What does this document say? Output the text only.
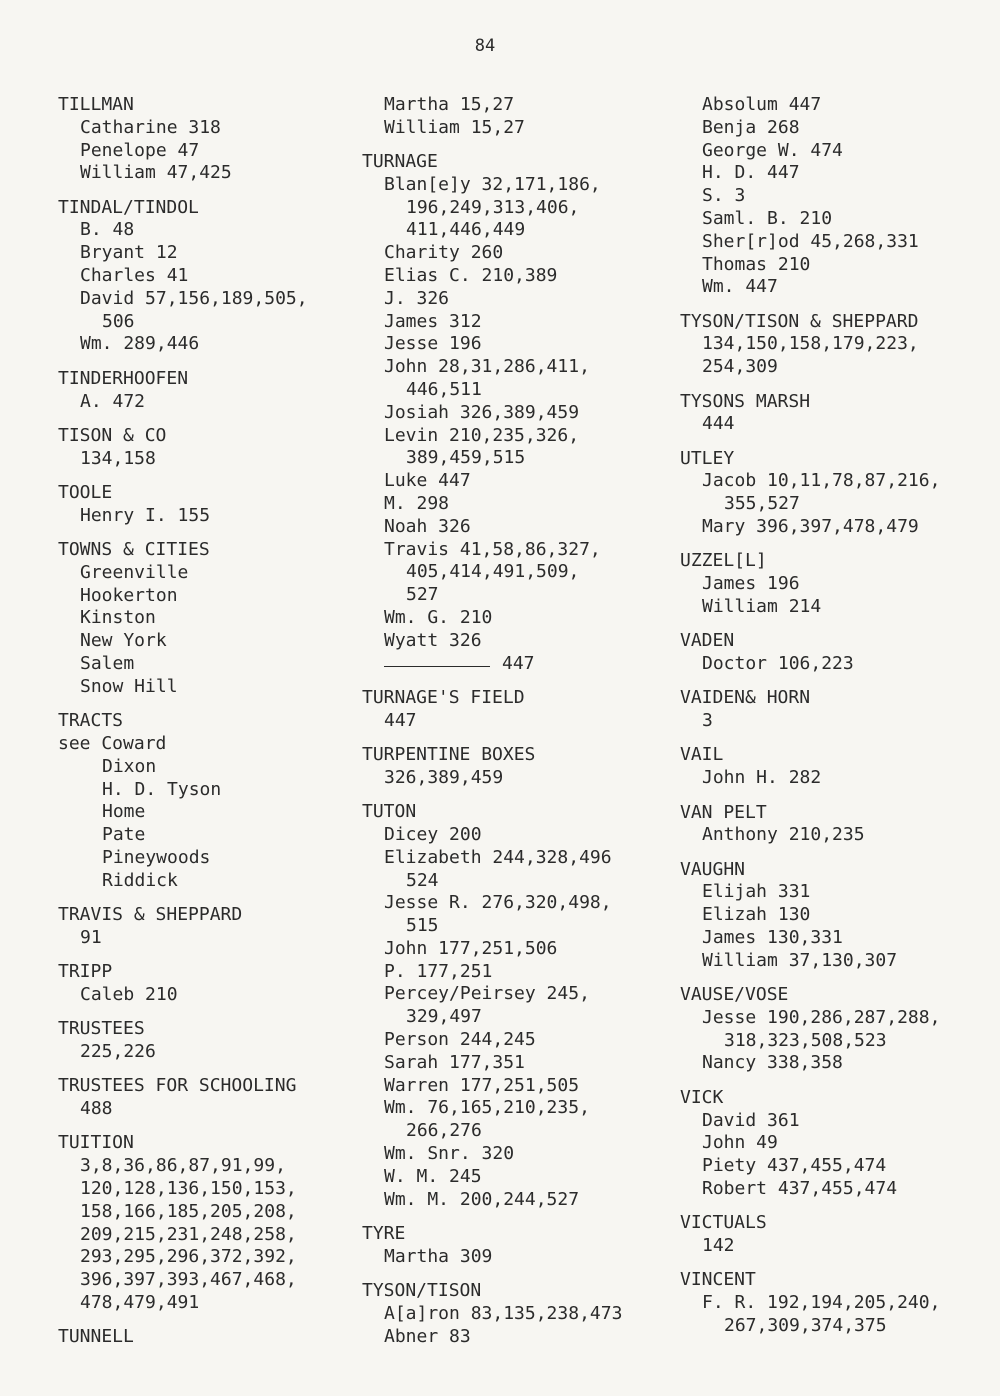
84
TILLMAN
Catharine 318
Penelope 47
William 47,425
TINDAL/TINDOL
B. 48
Bryant 12
Charles 41
David 57,156,189,505,
506
Wm. 289,446
TINDERHOOFEN
A. 472
TISON & CO
134,158
TOOLE
Henry I. 155
TOWNS & CITIES
Greenville
Hookerton
Kinston
New York
Salem
Snow Hill
TRACTS
see Coward
Dixon
H. D. Tyson
Home
Pate
Pineywoods
Riddick
TRAVIS & SHEPPARD
91
TRIPP
Caleb 210
TRUSTEES
225,226
TRUSTEES FOR SCHOOLING
488
TUITION
3,8,36,86,87,91,99,
120,128,136,150,153,
158,166,185,205,208,
209,215,231,248,258,
293,295,296,372,392,
396,397,393,467,468,
478,479,491
TUNNELL
Martha 15,27
William 15,27
TURNAGE
Blan[e]y 32,171,186,
196,249,313,406,
411,446,449
Charity 260
Elias C. 210,389
J. 326
James 312
Jesse 196
John 28,31,286,411,
446,511
Josiah 326,389,459
Levin 210,235,326,
389,459,515
Luke 447
M. 298
Noah 326
Travis 41,58,86,327,
405,414,491,509,
527
Wm. G. 210
Wyatt 326
447
TURNAGE'S FIELD
447
TURPENTINE BOXES
326,389,459
TUTON
Dicey 200
Elizabeth 244,328,496
524
Jesse R. 276,320,498,
515
John 177,251,506
P. 177,251
Percey/Peirsey 245,
329,497
Person 244,245
Sarah 177,351
Warren 177,251,505
Wm. 76,165,210,235,
266,276
Wm. Snr. 320
W. M. 245
Wm. M. 200,244,527
TYRE
Martha 309
TYSON/TISON
A[a]ron 83,135,238,473
Abner 83
Absolum 447
Benja 268
George W. 474
H. D. 447
S. 3
Saml. B. 210
Sher[r]od 45,268,331
Thomas 210
Wm. 447
TYSON/TISON & SHEPPARD
134,150,158,179,223,
254,309
TYSONS MARSH
444
UTLEY
Jacob 10,11,78,87,216,
355,527
Mary 396,397,478,479
UZZEL[L]
James 196
William 214
VADEN
Doctor 106,223
VAIDEN& HORN
3
VAIL
John H. 282
VAN PELT
Anthony 210,235
VAUGHN
Elijah 331
Elizah 130
James 130,331
William 37,130,307
VAUSE/VOSE
Jesse 190,286,287,288,
318,323,508,523
Nancy 338,358
VICK
David 361
John 49
Piety 437,455,474
Robert 437,455,474
VICTUALS
142
VINCENT
F. R. 192,194,205,240,
267,309,374,375
